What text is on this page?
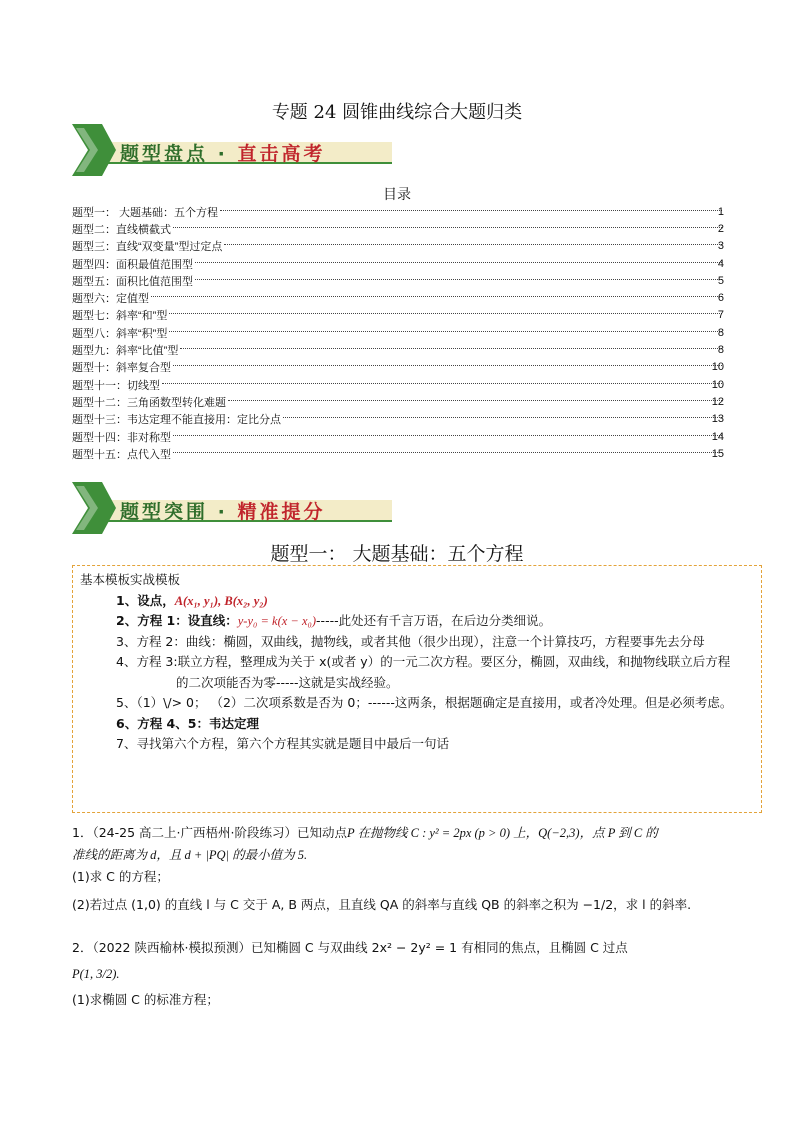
专题 24 圆锥曲线综合大题归类
题型盘点 · 直击高考
目录
题型一： 大题基础：五个方程	1
题型二：直线横截式	2
题型三：直线“双变量”型过定点	3
题型四：面积最值范围型	4
题型五：面积比值范围型	5
题型六：定值型	6
题型七：斜率“和”型	7
题型八：斜率“积”型	8
题型九：斜率“比值”型	8
题型十：斜率复合型	10
题型十一：切线型	10
题型十二：三角函数型转化难题	12
题型十三：韦达定理不能直接用：定比分点	13
题型十四：非对称型	14
题型十五：点代入型	15
题型突围 · 精准提分
题型一： 大题基础：五个方程
基本模板实战模板
1、设点，A(x₁, y₁), B(x₂, y₂)
2、方程 1：设直线：y-y₀ = k(x − x₀)-----此处还有千言万语，在后边分类细说。
3、方程 2：曲线：椭圆，双曲线，抛物线，或者其他（很少出现），注意一个计算技巧，方程要事先去分母
4、方程 3:联立方程，整理成为关于 x(或者 y）的一元二次方程。要区分，椭圆，双曲线，和抛物线联立后方程
的二次项能否为零-----这就是实战经验。
5、（1）\/> 0； （2）二次项系数是否为 0；------这两条，根据题确定是直接用，或者冷处理。但是必须考虑。
6、方程 4、5：韦达定理
7、寻找第六个方程，第六个方程其实就是题目中最后一句话
1．（24-25 高二上·广西梧州·阶段练习）已知动点P 在抛物线 C : y² = 2px (p > 0) 上，Q(−2,3)，点 P 到 C 的
准线的距离为 d，且 d + |PQ| 的最小值为 5.
(1)求 C 的方程；
(2)若过点 (1,0) 的直线 l 与 C 交于 A, B 两点，且直线 QA 的斜率与直线 QB 的斜率之积为 −1/2，求 l 的斜率.
2．（2022 陕西榆林·模拟预测）已知椭圆 C 与双曲线 2x² − 2y² = 1 有相同的焦点，且椭圆 C 过点
P(1, 3/2).
(1)求椭圆 C 的标准方程；
